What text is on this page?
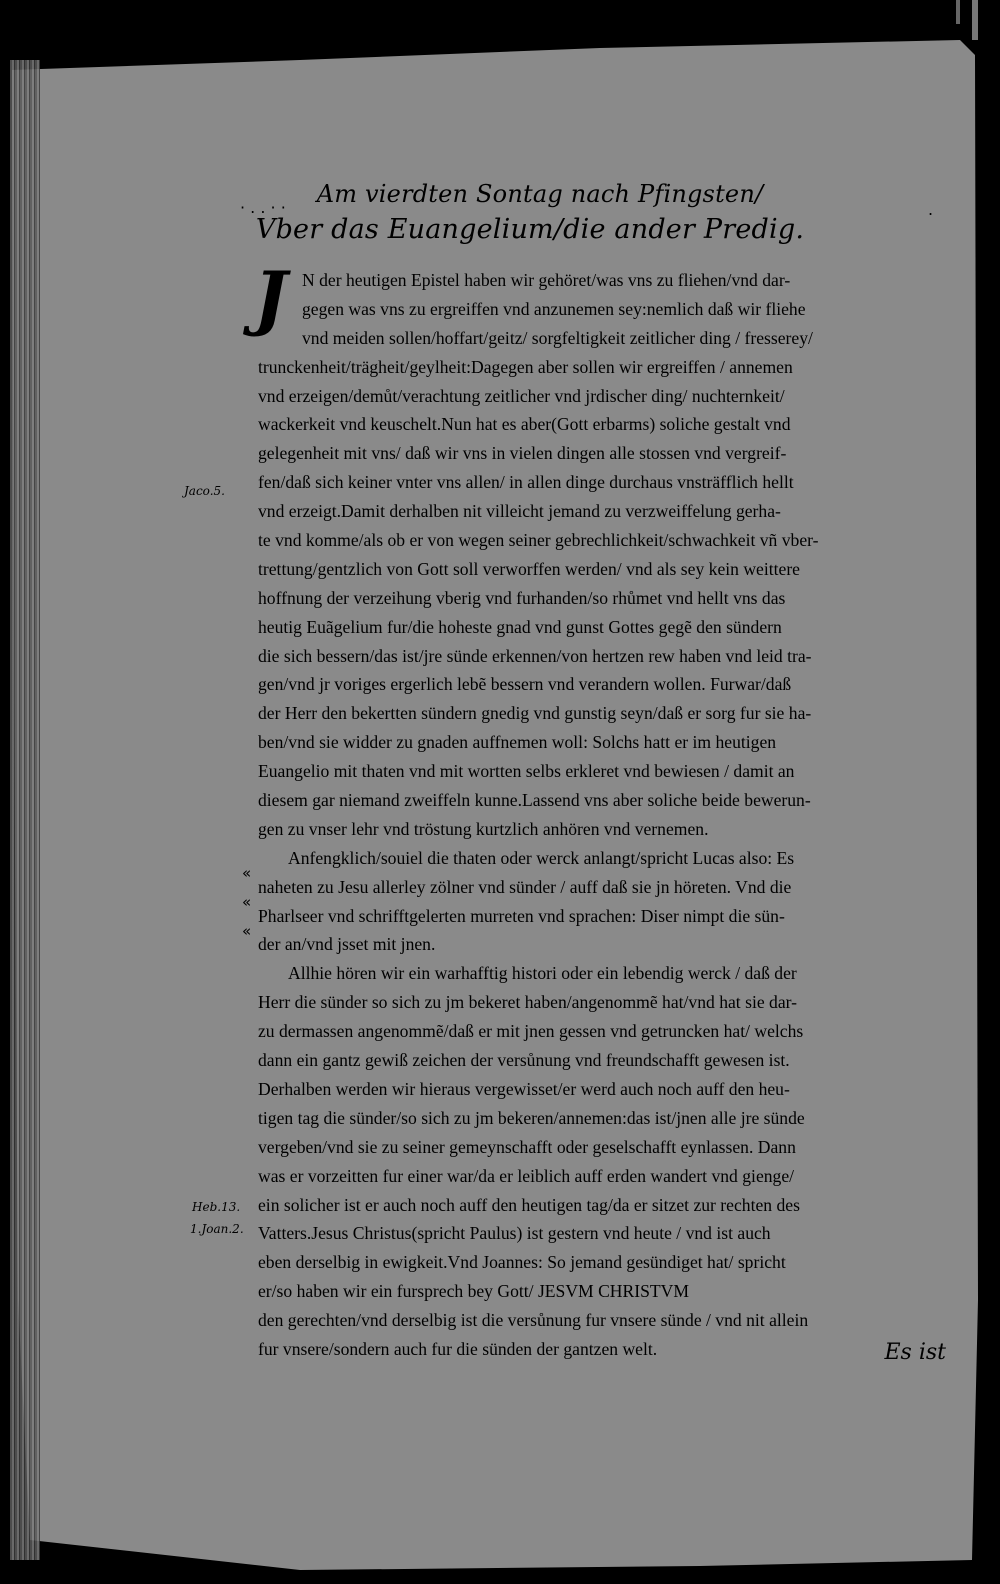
· . . · ·	.
Am vierdten Sontag nach Pfingsten/
Vber das Euangelium/die ander Predig.
J
Jaco.5.
Heb.13.
1.Joan.2.
«
«
«
N der heutigen Epistel haben wir gehöret/was vns zu fliehen/vnd dar-
gegen was vns zu ergreiffen vnd anzunemen sey:nemlich daß wir fliehe
vnd meiden sollen/hoffart/geitz/ sorgfeltigkeit zeitlicher ding / fresserey/
trunckenheit/trägheit/geylheit:Dagegen aber sollen wir ergreiffen / annemen
vnd erzeigen/demůt/verachtung zeitlicher vnd jrdischer ding/ nuchternkeit/
wackerkeit vnd keuschelt.Nun hat es aber(Gott erbarms) soliche gestalt vnd
gelegenheit mit vns/ daß wir vns in vielen dingen alle stossen vnd vergreif-
fen/daß sich keiner vnter vns allen/ in allen dinge durchaus vnsträfflich hellt
vnd erzeigt.Damit derhalben nit villeicht jemand zu verzweiffelung gerha-
te vnd komme/als ob er von wegen seiner gebrechlichkeit/schwachkeit vñ vber-
trettung/gentzlich von Gott soll verworffen werden/ vnd als sey kein weittere
hoffnung der verzeihung vberig vnd furhanden/so rhůmet vnd hellt vns das
heutig Euãgelium fur/die hoheste gnad vnd gunst Gottes gegẽ den sündern
die sich bessern/das ist/jre sünde erkennen/von hertzen rew haben vnd leid tra-
gen/vnd jr voriges ergerlich lebẽ bessern vnd verandern wollen. Furwar/daß
der Herr den bekertten sündern gnedig vnd gunstig seyn/daß er sorg fur sie ha-
ben/vnd sie widder zu gnaden auffnemen woll: Solchs hatt er im heutigen
Euangelio mit thaten vnd mit wortten selbs erkleret vnd bewiesen / damit an
diesem gar niemand zweiffeln kunne.Lassend vns aber soliche beide bewerun-
gen zu vnser lehr vnd tröstung kurtzlich anhören vnd vernemen.
Anfengklich/souiel die thaten oder werck anlangt/spricht Lucas also: Es
naheten zu Jesu allerley zölner vnd sünder / auff daß sie jn höreten. Vnd die
Pharlseer vnd schrifftgelerten murreten vnd sprachen: Diser nimpt die sün-
der an/vnd jsset mit jnen.
Allhie hören wir ein warhafftig histori oder ein lebendig werck / daß der
Herr die sünder so sich zu jm bekeret haben/angenommẽ hat/vnd hat sie dar-
zu dermassen angenommẽ/daß er mit jnen gessen vnd getruncken hat/ welchs
dann ein gantz gewiß zeichen der versůnung vnd freundschafft gewesen ist.
Derhalben werden wir hieraus vergewisset/er werd auch noch auff den heu-
tigen tag die sünder/so sich zu jm bekeren/annemen:das ist/jnen alle jre sünde
vergeben/vnd sie zu seiner gemeynschafft oder geselschafft eynlassen. Dann
was er vorzeitten fur einer war/da er leiblich auff erden wandert vnd gienge/
ein solicher ist er auch noch auff den heutigen tag/da er sitzet zur rechten des
Vatters.Jesus Christus(spricht Paulus) ist gestern vnd heute / vnd ist auch
eben derselbig in ewigkeit.Vnd Joannes: So jemand gesündiget hat/ spricht
er/so haben wir ein fursprech bey Gott/ JESVM CHRISTVM
den gerechten/vnd derselbig ist die versůnung fur vnsere sünde / vnd nit allein
fur vnsere/sondern auch fur die sünden der gantzen welt.	Es ist
